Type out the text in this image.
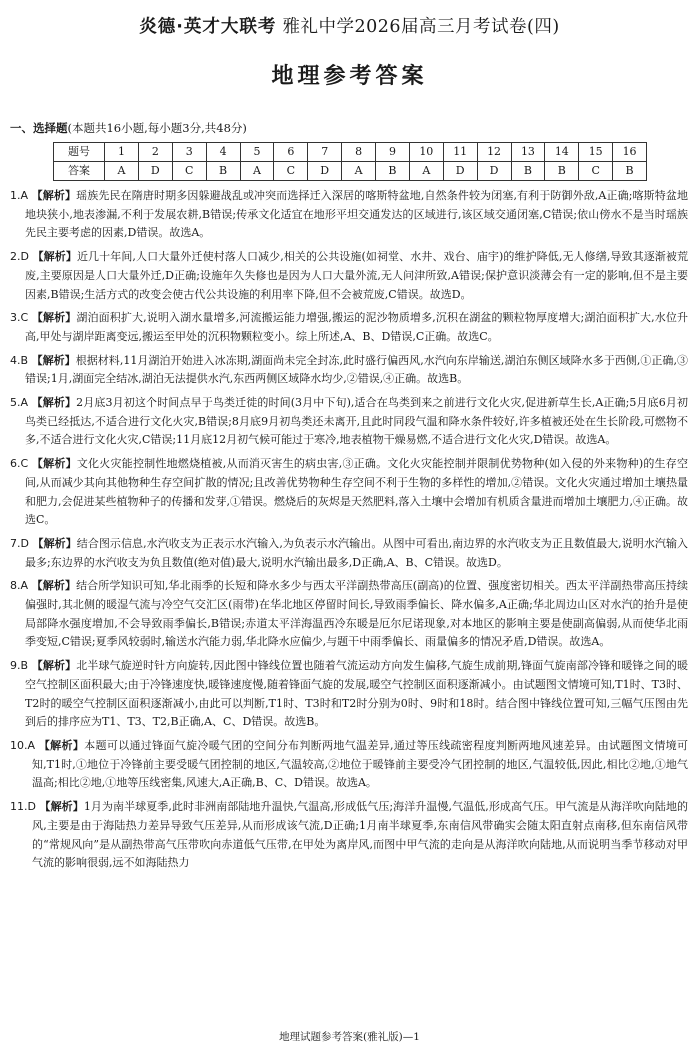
炎德·英才大联考 雅礼中学2026届高三月考试卷(四)
地理参考答案
一、选择题(本题共16小题,每小题3分,共48分)
题号	1	2	3	4	5	6	7	8	9	10	11	12	13	14	15	16
答案	A	D	C	B	A	C	D	A	B	A	D	D	B	B	C	B

1.A 【解析】瑶族先民在隋唐时期多因躲避战乱或冲突而选择迁入深居的喀斯特盆地,自然条件较为闭塞,有利于防御外敌,A正确;喀斯特盆地地块狭小,地表渗漏,不利于发展农耕,B错误;传承文化适宜在地形平坦交通发达的区域进行,该区域交通闭塞,C错误;依山傍水不是当时瑶族先民主要考虑的因素,D错误。故选A。

2.D 【解析】近几十年间,人口大量外迁使村落人口减少,相关的公共设施(如祠堂、水井、戏台、庙宇)的维护降低,无人修缮,导致其逐渐被荒废,主要原因是人口大量外迁,D正确;设施年久失修也是因为人口大量外流,无人问津所致,A错误;保护意识淡薄会有一定的影响,但不是主要因素,B错误;生活方式的改变会使古代公共设施的利用率下降,但不会被荒废,C错误。故选D。

3.C 【解析】湖泊面积扩大,说明入湖水量增多,河流搬运能力增强,搬运的泥沙物质增多,沉积在湖盆的颗粒物厚度增大;湖泊面积扩大,水位升高,甲处与湖岸距离变远,搬运至甲处的沉积物颗粒变小。综上所述,A、B、D错误,C正确。故选C。

4.B 【解析】根据材料,11月湖泊开始进入冰冻期,湖面尚未完全封冻,此时盛行偏西风,水汽向东岸输送,湖泊东侧区域降水多于西侧,①正确,③错误;1月,湖面完全结冰,湖泊无法提供水汽,东西两侧区域降水均少,②错误,④正确。故选B。

5.A 【解析】2月底3月初这个时间点早于鸟类迁徙的时间(3月中下旬),适合在鸟类到来之前进行文化火灾,促进新草生长,A正确;5月底6月初鸟类已经抵达,不适合进行文化火灾,B错误;8月底9月初鸟类还未离开,且此时同段气温和降水条件较好,许多植被还处在生长阶段,可燃物不多,不适合进行文化火灾,C错误;11月底12月初气候可能过于寒冷,地表植物干燥易燃,不适合进行文化火灾,D错误。故选A。

6.C 【解析】文化火灾能控制性地燃烧植被,从而消灭害生的病虫害,③正确。文化火灾能控制并限制优势物种(如入侵的外来物种)的生存空间,从而减少其向其他物种生存空间扩散的情况;且改善优势物种生存空间不利于生物的多样性的增加,②错误。文化火灾通过增加土壤热量和肥力,会促进某些植物种子的传播和发芽,①错误。燃烧后的灰烬是天然肥料,落入土壤中会增加有机质含量进而增加土壤肥力,④正确。故选C。

7.D 【解析】结合图示信息,水汽收支为正表示水汽输入,为负表示水汽输出。从图中可看出,南边界的水汽收支为正且数值最大,说明水汽输入最多;东边界的水汽收支为负且数值(绝对值)最大,说明水汽输出最多,D正确,A、B、C错误。故选D。

8.A 【解析】结合所学知识可知,华北雨季的长短和降水多少与西太平洋副热带高压(副高)的位置、强度密切相关。西太平洋副热带高压持续偏强时,其北侧的暖湿气流与冷空气交汇区(雨带)在华北地区停留时间长,导致雨季偏长、降水偏多,A正确;华北周边山区对水汽的抬升是使局部降水强度增加,不会导致雨季偏长,B错误;赤道太平洋海温西冷东暖是厄尔尼诺现象,对本地区的影响主要是使副高偏弱,从而使华北雨季变短,C错误;夏季风较弱时,输送水汽能力弱,华北降水应偏少,与题干中雨季偏长、雨量偏多的情况矛盾,D错误。故选A。

9.B 【解析】北半球气旋逆时针方向旋转,因此图中锋线位置也随着气流运动方向发生偏移,气旋生成前期,锋面气旋南部冷锋和暖锋之间的暖空气控制区面积最大;由于冷锋速度快,暖锋速度慢,随着锋面气旋的发展,暖空气控制区面积逐渐减小。由试题图文情境可知,T1时、T3时、T2时的暖空气控制区面积逐渐减小,由此可以判断,T1时、T3时和T2时分别为0时、9时和18时。结合图中锋线位置可知,三幅气压图由先到后的排序应为T1、T3、T2,B正确,A、C、D错误。故选B。

10.A 【解析】本题可以通过锋面气旋冷暖气团的空间分布判断两地气温差异,通过等压线疏密程度判断两地风速差异。由试题图文情境可知,T1时,①地位于冷锋前主要受暖气团控制的地区,气温较高,②地位于暖锋前主要受冷气团控制的地区,气温较低,因此,相比②地,①地气温高;相比②地,①地等压线密集,风速大,A正确,B、C、D错误。故选A。

11.D 【解析】1月为南半球夏季,此时非洲南部陆地升温快,气温高,形成低气压;海洋升温慢,气温低,形成高气压。甲气流是从海洋吹向陆地的风,主要是由于海陆热力差异导致气压差异,从而形成该气流,D正确;1月南半球夏季,东南信风带确实会随太阳直射点南移,但东南信风带的“常规风向”是从副热带高气压带吹向赤道低气压带,在甲处为离岸风,而图中甲气流的走向是从海洋吹向陆地,从而说明当季节移动对甲气流的影响很弱,远不如海陆热力

地理试题参考答案(雅礼版)—1
